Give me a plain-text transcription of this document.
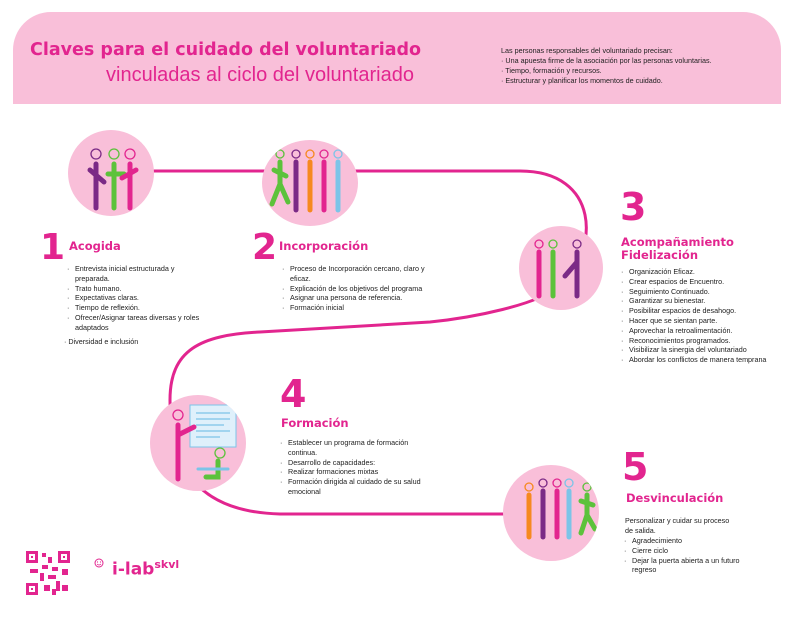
Claves para el cuidado del voluntariado
vinculadas al ciclo del voluntariado
Las personas responsables del voluntariado precisan:
· Una apuesta firme de la asociación por las personas voluntarias.
· Tiempo, formación y recursos.
· Estructurar y planificar los momentos de cuidado.
1 Acogida
· Entrevista inicial estructurada y preparada.
· Trato humano.
· Expectativas claras.
· Tiempo de reflexión.
· Ofrecer/Asignar tareas diversas y roles adaptados
· Diversidad e inclusión
2 Incorporación
· Proceso de Incorporación cercano, claro y eficaz.
· Explicación de los objetivos del programa
· Asignar una persona de referencia.
· Formación inicial
3
Acompañamiento Fidelización
· Organización Eficaz.
· Crear espacios de Encuentro.
· Seguimiento Continuado.
· Garantizar su bienestar.
· Posibilitar espacios de desahogo.
· Hacer que se sientan parte.
· Aprovechar la retroalimentación.
· Reconocimientos programados.
· Visibilizar la sinergia del voluntariado
· Abordar los conflictos de manera temprana
4
Formación
· Establecer un programa de formación continua.
· Desarrollo de capacidades:
· Realizar formaciones mixtas
· Formación dirigida al cuidado de su salud emocional
5
Desvinculación
Personalizar y cuidar su proceso de salida.
· Agradecimiento
· Cierre ciclo
· Dejar la puerta abierta a un futuro regreso
i-lab$^{skvl}$
